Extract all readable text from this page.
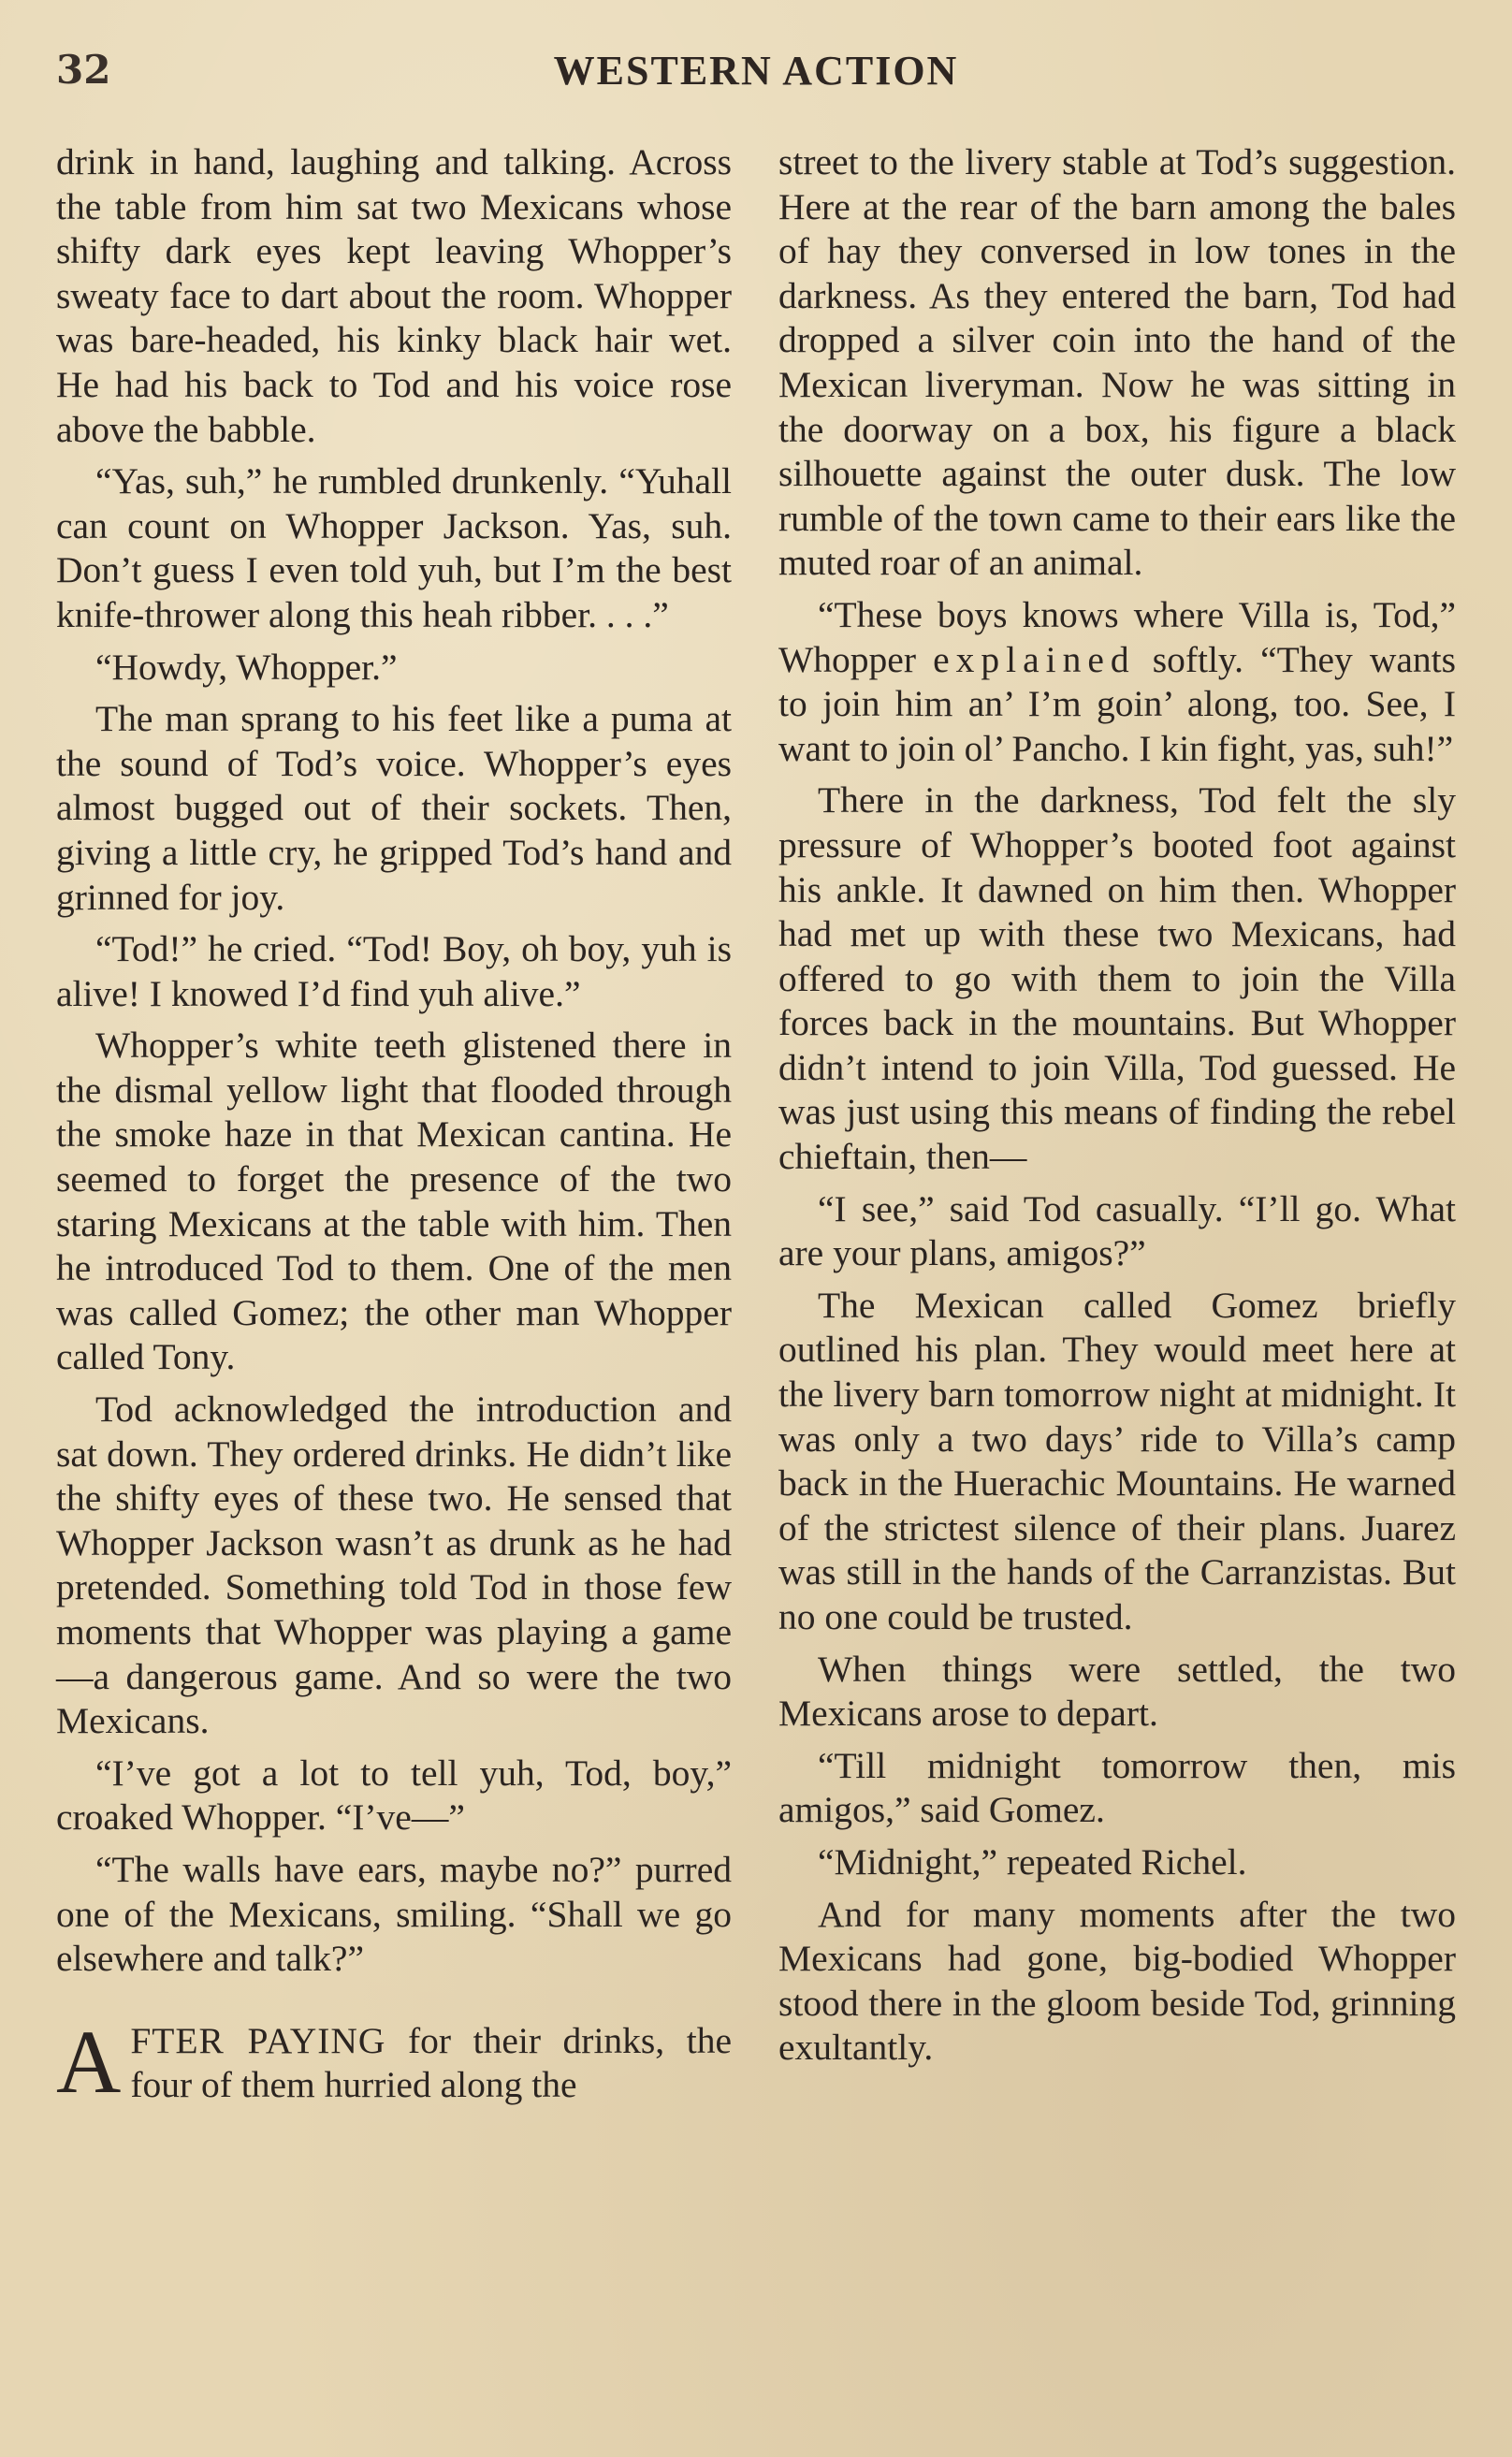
32	WESTERN ACTION

drink in hand, laughing and talking. Across the table from him sat two Mexicans whose shifty dark eyes kept leaving Whopper’s sweaty face to dart about the room. Whopper was bare-headed, his kinky black hair wet. He had his back to Tod and his voice rose above the babble.

“Yas, suh,” he rumbled drunkenly. “Yuhall can count on Whopper Jackson. Yas, suh. Don’t guess I even told yuh, but I’m the best knife-thrower along this heah ribber. . . .”

“Howdy, Whopper.”

The man sprang to his feet like a puma at the sound of Tod’s voice. Whopper’s eyes almost bugged out of their sockets. Then, giving a little cry, he gripped Tod’s hand and grinned for joy.

“Tod!” he cried. “Tod! Boy, oh boy, yuh is alive! I knowed I’d find yuh alive.”

Whopper’s white teeth glistened there in the dismal yellow light that flooded through the smoke haze in that Mexican cantina. He seemed to forget the presence of the two staring Mexicans at the table with him. Then he introduced Tod to them. One of the men was called Gomez; the other man Whopper called Tony.

Tod acknowledged the introduction and sat down. They ordered drinks. He didn’t like the shifty eyes of these two. He sensed that Whopper Jackson wasn’t as drunk as he had pretended. Something told Tod in those few moments that Whopper was playing a game—a dangerous game. And so were the two Mexicans.

“I’ve got a lot to tell yuh, Tod, boy,” croaked Whopper. “I’ve—”

“The walls have ears, maybe no?” purred one of the Mexicans, smiling. “Shall we go elsewhere and talk?”

AFTER PAYING for their drinks, the four of them hurried along the

street to the livery stable at Tod’s suggestion. Here at the rear of the barn among the bales of hay they conversed in low tones in the darkness. As they entered the barn, Tod had dropped a silver coin into the hand of the Mexican liveryman. Now he was sitting in the doorway on a box, his figure a black silhouette against the outer dusk. The low rumble of the town came to their ears like the muted roar of an animal.

“These boys knows where Villa is, Tod,” Whopper explained softly. “They wants to join him an’ I’m goin’ along, too. See, I want to join ol’ Pancho. I kin fight, yas, suh!”

There in the darkness, Tod felt the sly pressure of Whopper’s booted foot against his ankle. It dawned on him then. Whopper had met up with these two Mexicans, had offered to go with them to join the Villa forces back in the mountains. But Whopper didn’t intend to join Villa, Tod guessed. He was just using this means of finding the rebel chieftain, then—

“I see,” said Tod casually. “I’ll go. What are your plans, amigos?”

The Mexican called Gomez briefly outlined his plan. They would meet here at the livery barn tomorrow night at midnight. It was only a two days’ ride to Villa’s camp back in the Huerachic Mountains. He warned of the strictest silence of their plans. Juarez was still in the hands of the Carranzistas. But no one could be trusted.

When things were settled, the two Mexicans arose to depart.

“Till midnight tomorrow then, mis amigos,” said Gomez.

“Midnight,” repeated Richel.

And for many moments after the two Mexicans had gone, big-bodied Whopper stood there in the gloom beside Tod, grinning exultantly.
